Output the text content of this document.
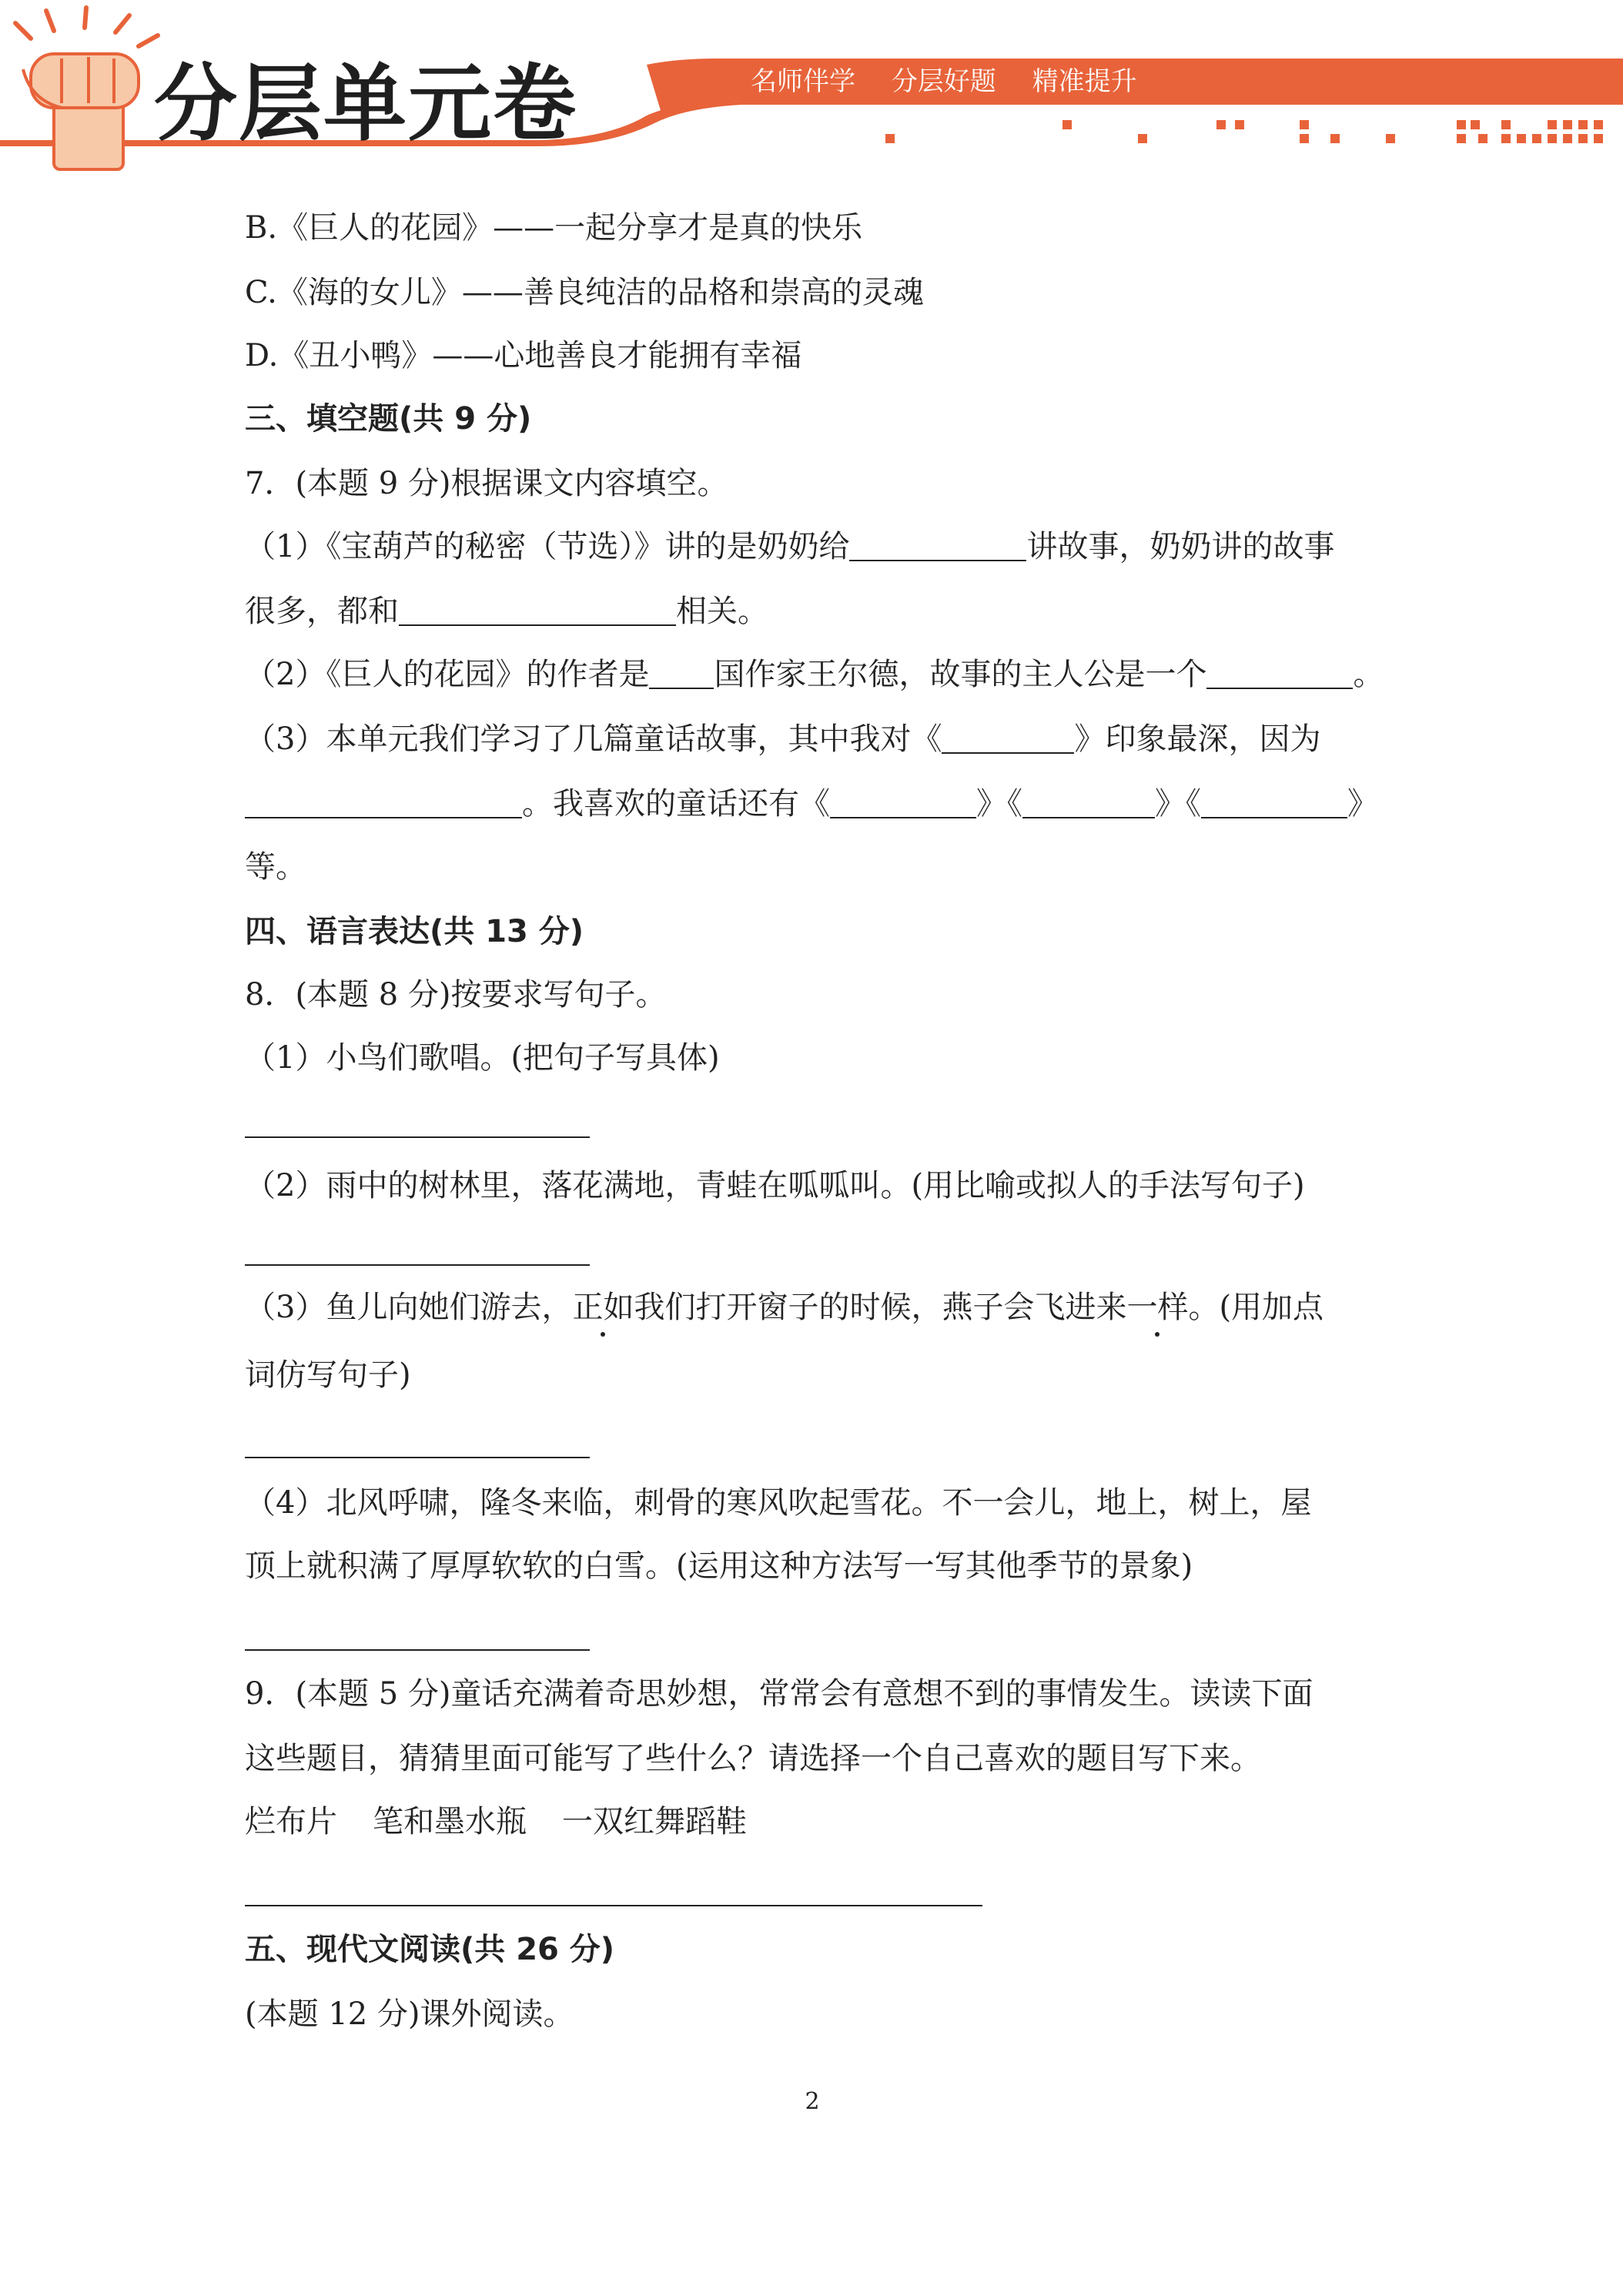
分层单元卷	名师伴学 分层好题 精准提升
B.《巨人的花园》——一起分享才是真的快乐
C.《海的女儿》——善良纯洁的品格和崇高的灵魂
D.《丑小鸭》——心地善良才能拥有幸福
三、填空题(共 9 分)
7．(本题 9 分)根据课文内容填空。
（1）《宝葫芦的秘密（节选）》讲的是奶奶给	讲故事，奶奶讲的故事
很多，都和	相关。
（2）《巨人的花园》的作者是 国作家王尔德，故事的主人公是一个	。
（3）本单元我们学习了几篇童话故事，其中我对《	》印象最深，因为
。我喜欢的童话还有《	》《	》《	》
等。
四、语言表达(共 13 分)
8．(本题 8 分)按要求写句子。
（1）小鸟们歌唱。(把句子写具体)
（2）雨中的树林里，落花满地，青蛙在呱呱叫。(用比喻或拟人的手法写句子)
（3）鱼儿向她们游去，正如我们打开窗子的时候，燕子会飞进来一样。(用加点
词仿写句子)
（4）北风呼啸，隆冬来临，刺骨的寒风吹起雪花。不一会儿，地上，树上，屋
顶上就积满了厚厚软软的白雪。(运用这种方法写一写其他季节的景象)
9．(本题 5 分)童话充满着奇思妙想，常常会有意想不到的事情发生。读读下面
这些题目，猜猜里面可能写了些什么？请选择一个自己喜欢的题目写下来。
烂布片 笔和墨水瓶 一双红舞蹈鞋
五、现代文阅读(共 26 分)
(本题 12 分)课外阅读。
2
